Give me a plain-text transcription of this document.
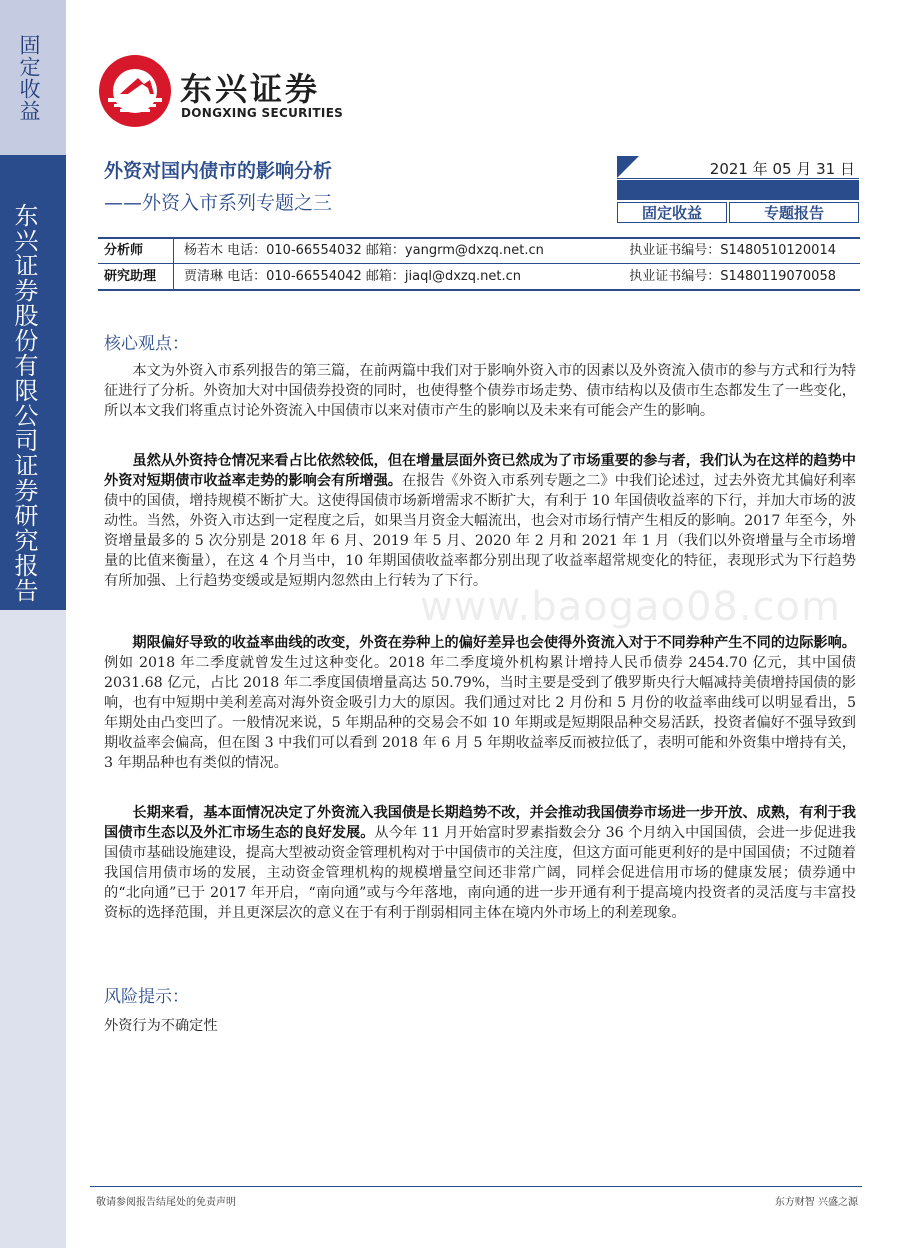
固定收益
东兴证券股份有限公司证券研究报告
东兴证券
DONGXING SECURITIES
外资对国内债市的影响分析
——外资入市系列专题之三
2021 年 05 月 31 日
固定收益	专题报告
分析师	杨若木 电话：010-66554032 邮箱：yangrm@dxzq.net.cn	执业证书编号：S1480510120014
研究助理 贾清琳 电话：010-66554042 邮箱：jiaql@dxzq.net.cn	执业证书编号：S1480119070058
核心观点：

本文为外资入市系列报告的第三篇，在前两篇中我们对于影响外资入市的因素以及外资流入债市的参与方式和行为特征进行了分析。外资加大对中国债券投资的同时，也使得整个债券市场走势、债市结构以及债市生态都发生了一些变化，所以本文我们将重点讨论外资流入中国债市以来对债市产生的影响以及未来有可能会产生的影响。

虽然从外资持仓情况来看占比依然较低，但在增量层面外资已然成为了市场重要的参与者，我们认为在这样的趋势中外资对短期债市收益率走势的影响会有所增强。在报告《外资入市系列专题之二》中我们论述过，过去外资尤其偏好利率债中的国债，增持规模不断扩大。这使得国债市场新增需求不断扩大，有利于 10 年国债收益率的下行，并加大市场的波动性。当然，外资入市达到一定程度之后，如果当月资金大幅流出，也会对市场行情产生相反的影响。2017 年至今，外资增量最多的 5 次分别是 2018 年 6 月、2019 年 5 月、2020 年 2 月和 2021 年 1 月（我们以外资增量与全市场增量的比值来衡量），在这 4 个月当中，10 年期国债收益率都分别出现了收益率超常规变化的特征，表现形式为下行趋势有所加强、上行趋势变缓或是短期内忽然由上行转为了下行。

期限偏好导致的收益率曲线的改变，外资在券种上的偏好差异也会使得外资流入对于不同券种产生不同的边际影响。例如 2018 年二季度就曾发生过这种变化。2018 年二季度境外机构累计增持人民币债券 2454.70 亿元，其中国债 2031.68 亿元，占比 2018 年二季度国债增量高达 50.79%，当时主要是受到了俄罗斯央行大幅减持美债增持国债的影响，也有中短期中美利差高对海外资金吸引力大的原因。我们通过对比 2 月份和 5 月份的收益率曲线可以明显看出，5 年期处由凸变凹了。一般情况来说，5 年期品种的交易会不如 10 年期或是短期限品种交易活跃，投资者偏好不强导致到期收益率会偏高，但在图 3 中我们可以看到 2018 年 6 月 5 年期收益率反而被拉低了，表明可能和外资集中增持有关，3 年期品种也有类似的情况。

长期来看，基本面情况决定了外资流入我国债是长期趋势不改，并会推动我国债券市场进一步开放、成熟，有利于我国债市生态以及外汇市场生态的良好发展。从今年 11 月开始富时罗素指数会分 36 个月纳入中国国债，会进一步促进我国债市基础设施建设，提高大型被动资金管理机构对于中国债市的关注度，但这方面可能更利好的是中国国债；不过随着我国信用债市场的发展，主动资金管理机构的规模增量空间还非常广阔，同样会促进信用市场的健康发展；债券通中的“北向通”已于 2017 年开启，“南向通”或与今年落地，南向通的进一步开通有利于提高境内投资者的灵活度与丰富投资标的选择范围，并且更深层次的意义在于有利于削弱相同主体在境内外市场上的利差现象。

www.baogao08.com
风险提示：
外资行为不确定性
敬请参阅报告结尾处的免责声明	东方财智 兴盛之源
